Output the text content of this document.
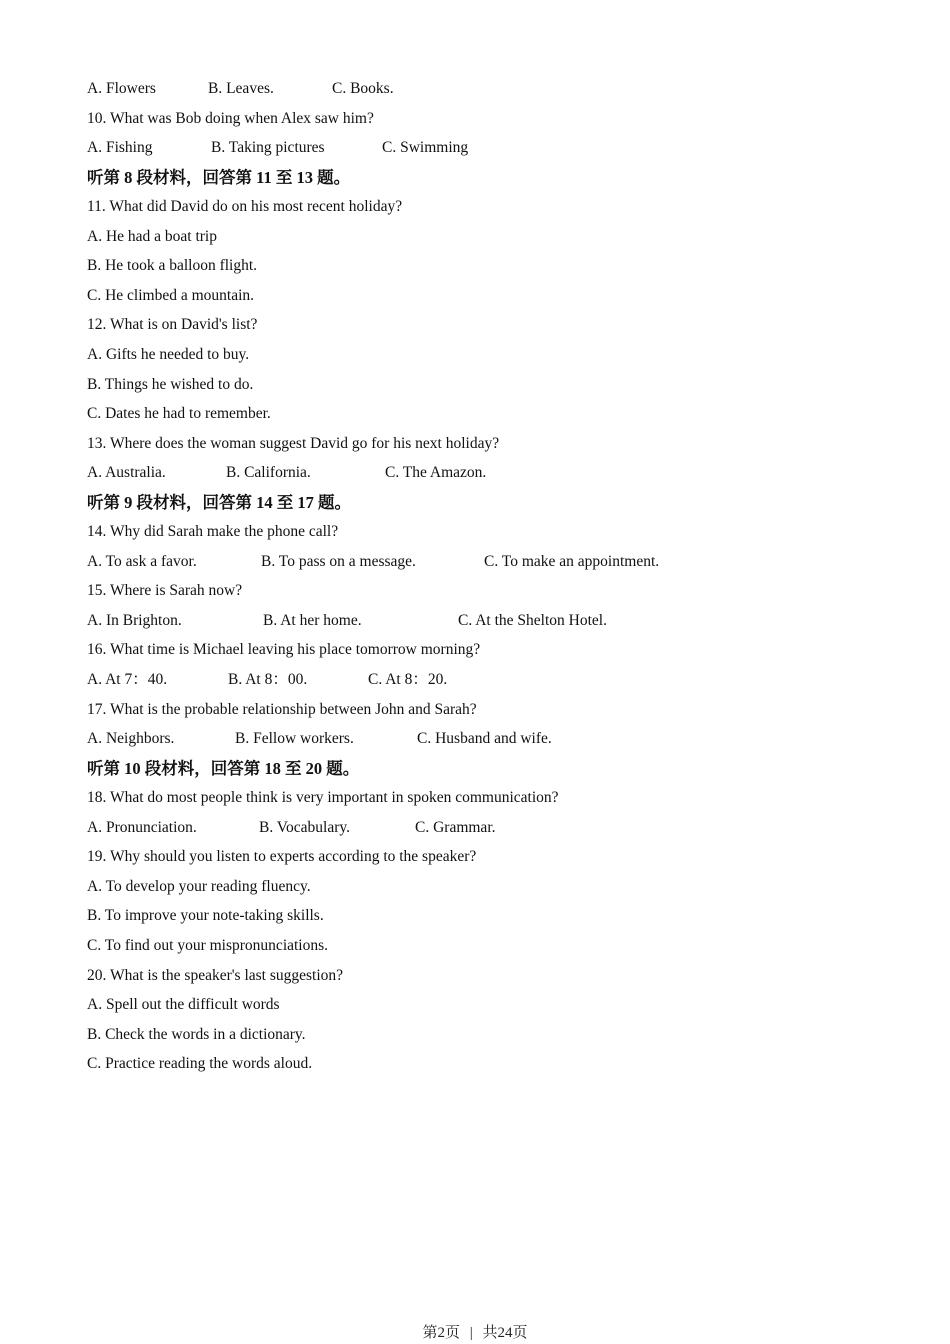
A. Flowers	B. Leaves.	C. Books.
10. What was Bob doing when Alex saw him?
A. Fishing	B. Taking pictures	C. Swimming
听第 8 段材料，回答第 11 至 13 题。
11. What did David do on his most recent holiday?
A. He had a boat trip
B. He took a balloon flight.
C. He climbed a mountain.
12. What is on David's list?
A. Gifts he needed to buy.
B. Things he wished to do.
C. Dates he had to remember.
13. Where does the woman suggest David go for his next holiday?
A. Australia.	B. California.	C. The Amazon.
听第 9 段材料，回答第 14 至 17 题。
14. Why did Sarah make the phone call?
A. To ask a favor.	B. To pass on a message.	C. To make an appointment.
15. Where is Sarah now?
A. In Brighton.	B. At her home.	C. At the Shelton Hotel.
16. What time is Michael leaving his place tomorrow morning?
A. At 7：40.	B. At 8：00.	C. At 8：20.
17. What is the probable relationship between John and Sarah?
A. Neighbors.	B. Fellow workers.	C. Husband and wife.
听第 10 段材料，回答第 18 至 20 题。
18. What do most people think is very important in spoken communication?
A. Pronunciation.	B. Vocabulary.	C. Grammar.
19. Why should you listen to experts according to the speaker?
A. To develop your reading fluency.
B. To improve your note-taking skills.
C. To find out your mispronunciations.
20. What is the speaker's last suggestion?
A. Spell out the difficult words
B. Check the words in a dictionary.
C. Practice reading the words aloud.
第2页 | 共24页
